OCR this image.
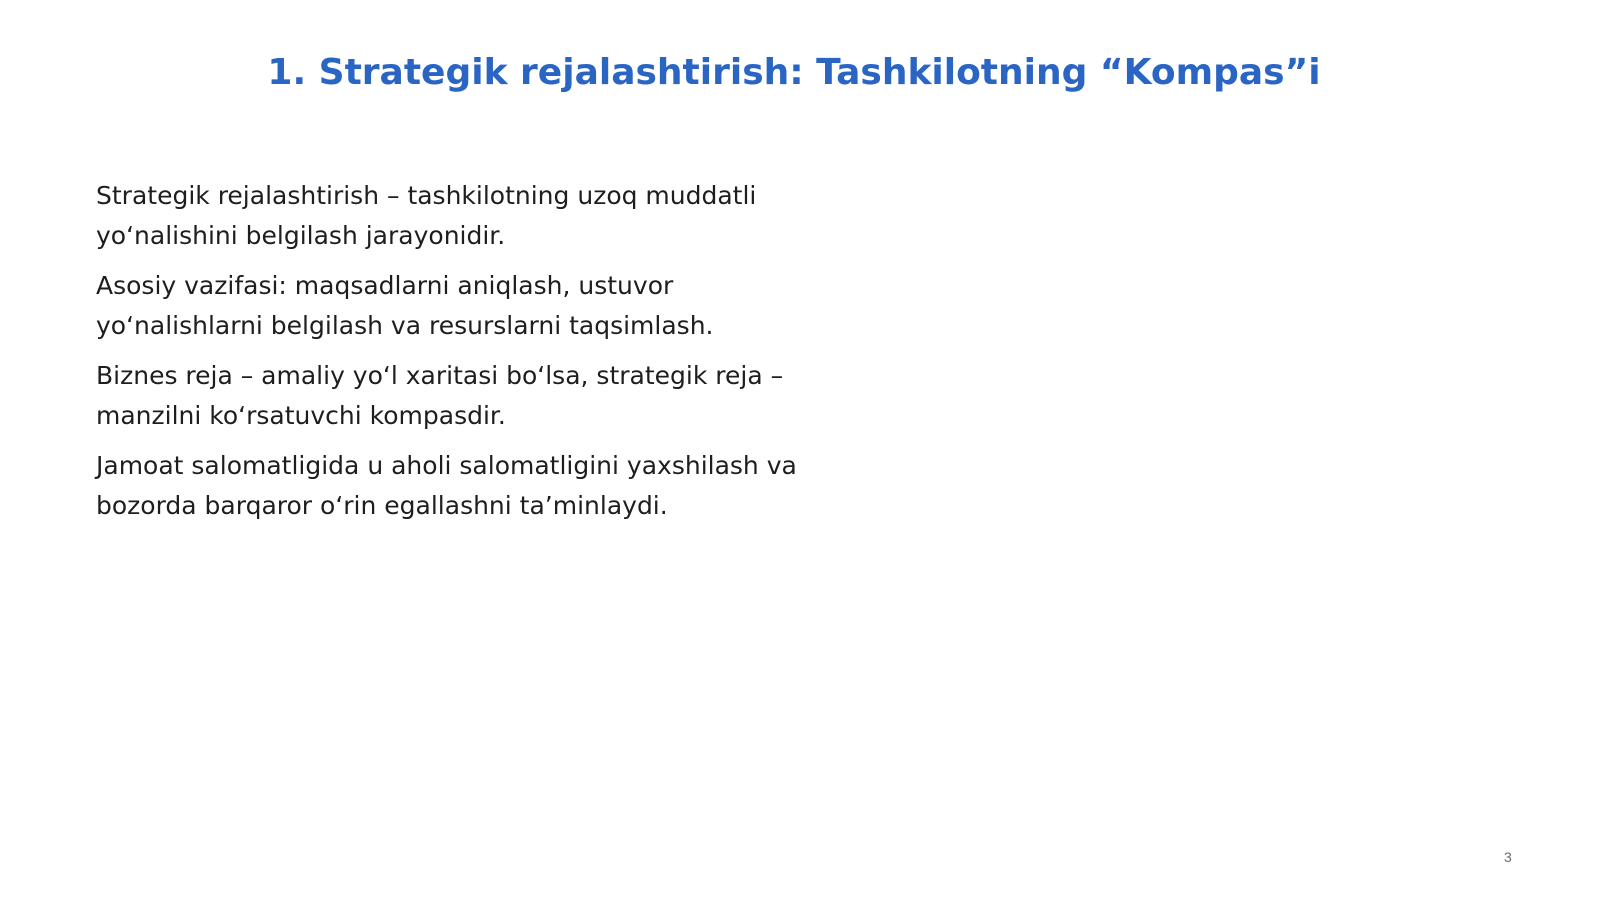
1. Strategik rejalashtirish: Tashkilotning “Kompas”i

Strategik rejalashtirish – tashkilotning uzoq muddatli yoʻnalishini belgilash jarayonidir.

Asosiy vazifasi: maqsadlarni aniqlash, ustuvor yoʻnalishlarni belgilash va resurslarni taqsimlash.

Biznes reja – amaliy yoʻl xaritasi boʻlsa, strategik reja – manzilni koʻrsatuvchi kompasdir.

Jamoat salomatligida u aholi salomatligini yaxshilash va bozorda barqaror oʻrin egallashni ta’minlaydi.

3
